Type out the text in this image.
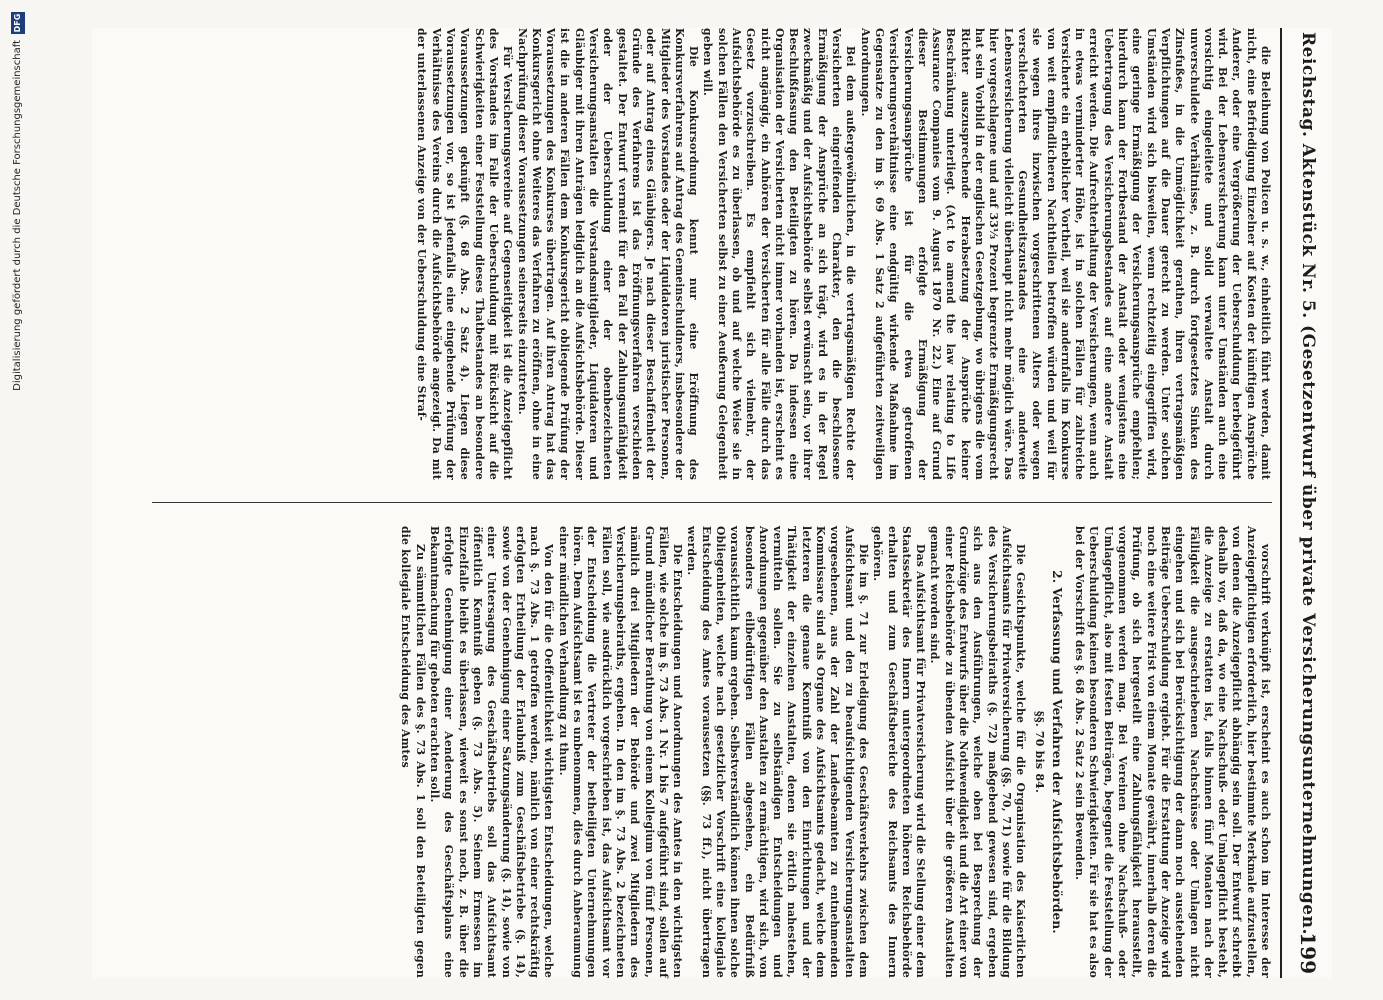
Reichstag. Aktenstück Nr. 5. (Gesetzentwurf über private Versicherungsunternehmungen.)
199

die Beleihung von Policen u. s. w., einheitlich führt werden, damit nicht, eine Befriedigung Einzelner auf Kosten der künftigen Ansprüche Anderer, oder eine Vergrößerung der Ueberschuldung herbeigeführt wird. Bei der Lebensversicherung kann unter Umständen auch eine vorsichtig eingeleitete und solid verwaltete Anstalt durch unverschuldete Verhältnisse, z. B. durch fortgesetztes Sinken des Zinsfußes, in die Unmöglichkeit gerathen, ihren vertragsmäßigen Verpflichtungen auf die Dauer gerecht zu werden. Unter solchen Umständen wird sich bisweilen, wenn rechtzeitig eingegriffen wird, eine geringe Ermäßigung der Versicherungsansprüche empfehlen; hierdurch kann der Fortbestand der Anstalt oder wenigstens eine Uebertragung des Versicherungsbestandes auf eine andere Anstalt erreicht werden. Die Aufrechterhaltung der Versicherungen, wenn auch in etwas verminderter Höhe, ist in solchen Fällen für zahlreiche Versicherte ein erheblicher Vortheil, weil sie andernfalls im Konkurse von weit empfindlicheren Nachtheilen betroffen würden und weil für sie wegen ihres inzwischen vorgeschrittenen Alters oder wegen verschlechterten Gesundheitszustandes eine anderweite Lebensversicherung vielleicht überhaupt nicht mehr möglich wäre. Das hier vorgeschlagene und auf 33⅓ Prozent begrenzte Ermäßigungsrecht hat sein Vorbild in der englischen Gesetzgebung, wo übrigens die vom Richter auszusprechende Herabsetzung der Ansprüche keiner Beschränkung unterliegt. (Act to amend the law relating to Life Assurance Companies vom 9. August 1870 Nr. 22.) Eine auf Grund dieser Bestimmungen erfolgte Ermäßigung der Versicherungsansprüche ist für die etwa getroffenen Versicherungsverhältnisse eine endgültig wirkende Maßnahme im Gegensatze zu den im §. 69 Abs. 1 Satz 2 aufgeführten zeitweiligen Anordnungen.

Bei dem außergewöhnlichen, in die vertragsmäßigen Rechte der Versicherten eingreifenden Charakter, den die beschlossene Ermäßigung der Ansprüche an sich trägt, wird es in der Regel zweckmäßig und der Aufsichtsbehörde selbst erwünscht sein, vor ihrer Beschlußfassung den Beteiligten zu hören. Da indessen eine Organisation der Versicherten nicht immer vorhanden ist, erscheint es nicht angängig, ein Anhören der Versicherten für alle Fälle durch das Gesetz vorzuschreiben. Es empfiehlt sich vielmehr, der Aufsichtsbehörde es zu überlassen, ob und auf welche Weise sie in solchen Fällen den Versicherten selbst zu einer Aeußerung Gelegenheit geben will.

Die Konkursordnung kennt nur eine Eröffnung des Konkursverfahrens auf Antrag des Gemeinschuldners, insbesondere der Mitglieder des Vorstandes oder der Liquidatoren juristischer Personen, oder auf Antrag eines Gläubigers. Je nach dieser Beschaffenheit der Gründe des Verfahrens ist das Eröffnungsverfahren verschieden gestaltet. Der Entwurf vermeint für den Fall der Zahlungsunfähigkeit oder der Ueberschuldung einer der obenbezeichneten Versicherungsanstalten die Vorstandsmitglieder, Liquidatoren und Gläubiger mit ihren Anträgen lediglich an die Aufsichtsbehörde. Dieser ist die in anderen Fällen dem Konkursgericht obliegende Prüfung der Voraussetzungen des Konkurses übertragen. Auf ihren Antrag hat das Konkursgericht ohne Weiteres das Verfahren zu eröffnen, ohne in eine Nachprüfung dieser Voraussetzungen seinerseits einzutreten.

Für Versicherungsvereine auf Gegenseitigkeit ist die Anzeigepflicht des Vorstandes im Falle der Ueberschuldung mit Rücksicht auf die Schwierigkeiten einer Feststellung dieses Thatbestandes an besondere Voraussetzungen geknüpft (§. 68 Abs. 2 Satz 4). Liegen diese Voraussetzungen vor, so ist jedenfalls eine eingehende Prüfung der Verhältnisse des Vereins durch die Aufsichtsbehörde angezeigt. Da mit der unterlassenen Anzeige von der Ueberschuldung eine Straf-

vorschrift verknüpft ist, erscheint es auch schon im Interesse der Anzeigepflichtigen erforderlich, hier bestimmte Merkmale aufzustellen, von denen die Anzeigepflicht abhängig sein soll. Der Entwurf schreibt deshalb vor, daß da, wo eine Nachschuß- oder Umlagepflicht besteht, die Anzeige zu erstatten ist, falls binnen fünf Monaten nach der Fälligkeit die ausgeschriebenen Nachschüsse oder Umlagen nicht eingehen und sich bei Berücksichtigung der dann noch ausstehenden Beiträge Ueberschuldung ergiebt. Für die Erstattung der Anzeige wird noch eine weitere Frist von einem Monate gewährt, innerhalb deren die Prüfung, ob sich hergestellt eine Zahlungsfähigkeit herausstellt, vorgenommen werden mag. Bei Vereinen ohne Nachschuß- oder Umlagepflicht, also mit festen Beiträgen, begegnet die Feststellung der Ueberschuldung keinen besonderen Schwierigkeiten. Für sie hat es also bei der Vorschrift des §. 68 Abs. 2 Satz 2 sein Bewenden.

2. Verfassung und Verfahren der Aufsichtsbehörden.
§§. 70 bis 84.

Die Gesichtspunkte, welche für die Organisation des Kaiserlichen Aufsichtsamts für Privatversicherung (§§. 70, 71) sowie für die Bildung des Versicherungsbeiraths (§. 72) maßgebend gewesen sind, ergeben sich aus den Ausführungen, welche oben bei Besprechung der Grundzüge des Entwurfs über die Nothwendigkeit und die Art einer von einer Reichsbehörde zu übenden Aufsicht über die größeren Anstalten gemacht worden sind.

Das Aufsichtsamt für Privatversicherung wird die Stellung einer dem Staatssekretär des Innern untergeordneten höheren Reichsbehörde erhalten und zum Geschäftsbereiche des Reichsamts des Innern gehören.

Die im §. 71 zur Erledigung des Geschäftsverkehrs zwischen dem Aufsichtsamt und den zu beaufsichtigenden Versicherungsanstalten vorgesehenen, aus der Zahl der Landesbeamten zu entnehmenden Kommissare sind als Organe des Aufsichtsamts gedacht, welche dem letzteren die genaue Kenntniß von den Einrichtungen und der Thätigkeit der einzelnen Anstalten, denen sie örtlich nahestehen, vermitteln sollen. Sie zu selbständigen Entscheidungen und Anordnungen gegenüber den Anstalten zu ermächtigen, wird sich, von besonders eilbedürftigen Fällen abgesehen, ein Bedürfniß voraussichtlich kaum ergeben. Selbstverständlich können ihnen solche Obliegenheiten, welche nach gesetzlicher Vorschrift eine kollegiale Entscheidung des Amtes voraussetzen (§§. 73 ff.), nicht übertragen werden.

Die Entscheidungen und Anordnungen des Amtes in den wichtigsten Fällen, wie solche im §. 73 Abs. 1 Nr. 1 bis 7 aufgeführt sind, sollen auf Grund mündlicher Berathung von einem Kollegium von fünf Personen, nämlich drei Mitgliedern der Behörde und zwei Mitgliedern des Versicherungsbeiraths, ergehen. In den im §. 73 Abs. 2 bezeichneten Fällen soll, wie ausdrücklich vorgeschrieben ist, das Aufsichtsamt vor der Entscheidung die Vertreter der betheiligten Unternehmungen hören. Dem Aufsichtsamt ist es unbenommen, dies durch Anberaumung einer mündlichen Verhandlung zu thun.

Von den für die Oeffentlichkeit wichtigsten Entscheidungen, welche nach §. 73 Abs. 1 getroffen werden, nämlich von einer rechtskräftig erfolgten Ertheilung der Erlaubniß zum Geschäftsbetriebe (§. 14), sowie von der Genehmigung einer Satzungsänderung (§. 14), sowie von einer Untersagung des Geschäftsbetriebs soll das Aufsichtsamt öffentlich Kenntniß geben (§. 73 Abs. 5). Seinem Ermessen im Einzelfalle bleibt es überlassen, wieweit es sonst noch, z. B. über die erfolgte Genehmigung einer Aenderung des Geschäftsplans eine Bekanntmachung für geboten erachten soll.

Zu sämmtlichen Fällen des §. 73 Abs. 1 soll den Beteiligten gegen die kollegiale Entscheidung des Amtes

Digitalisierung gefördert durch die Deutsche Forschungsgemeinschaft
DFG
